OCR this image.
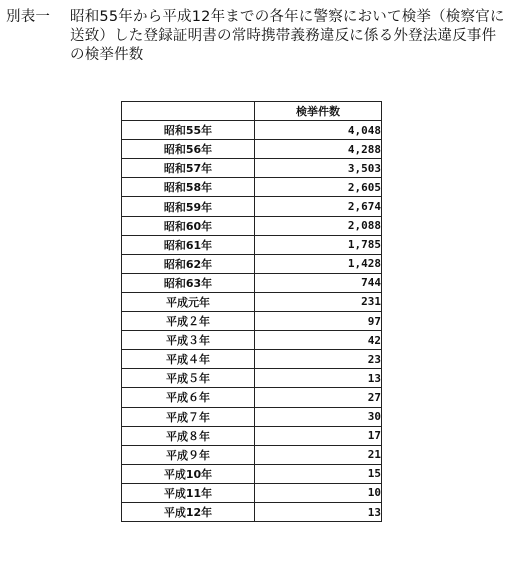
別表一	昭和55年から平成12年までの各年に警察において検挙（検察官に送致）した登録証明書の常時携帯義務違反に係る外登法違反事件の検挙件数
	検挙件数
昭和55年	4,048
昭和56年	4,288
昭和57年	3,503
昭和58年	2,605
昭和59年	2,674
昭和60年	2,088
昭和61年	1,785
昭和62年	1,428
昭和63年	744
平成元年	231
平成２年	97
平成３年	42
平成４年	23
平成５年	13
平成６年	27
平成７年	30
平成８年	17
平成９年	21
平成10年	15
平成11年	10
平成12年	13
